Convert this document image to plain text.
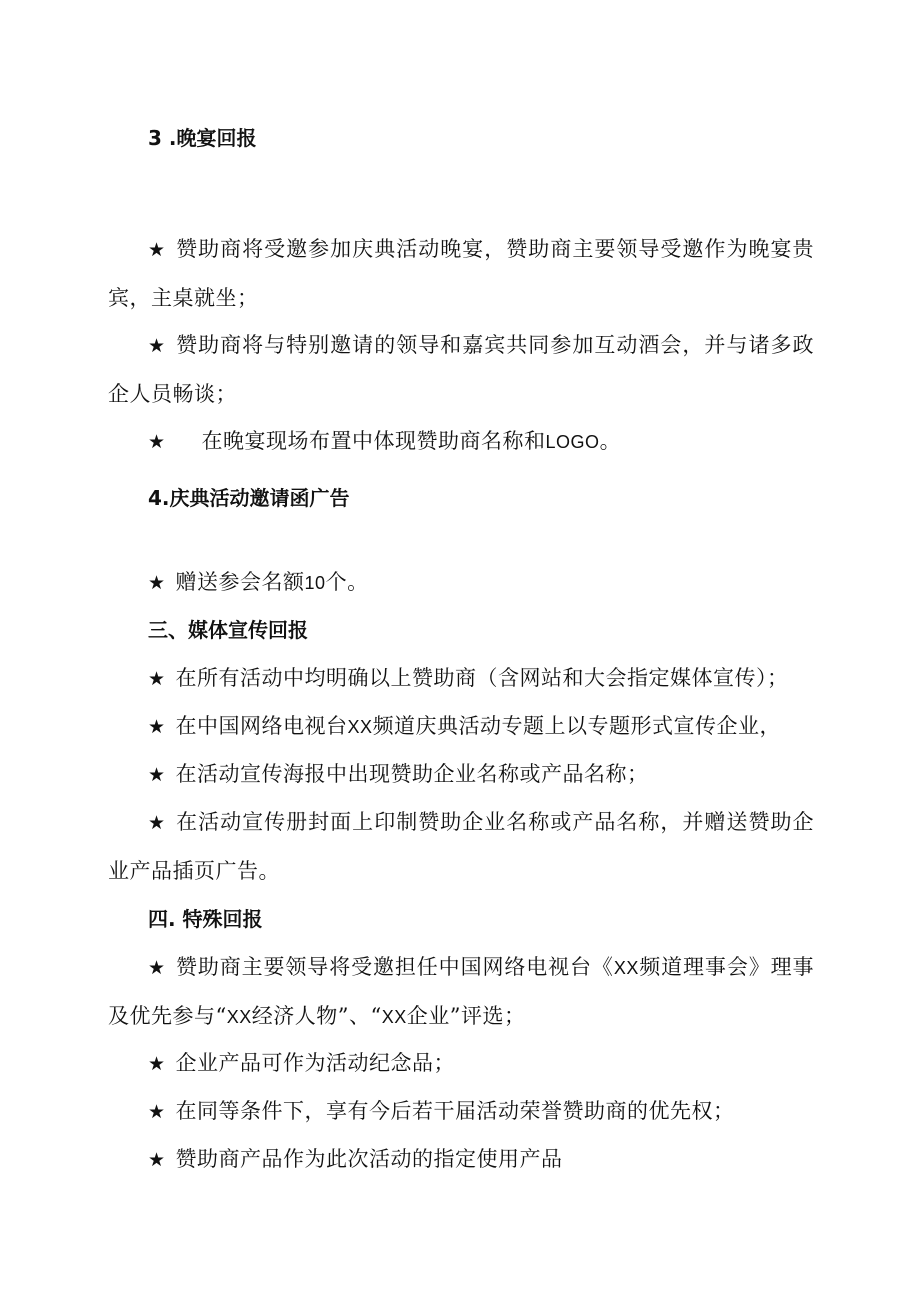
3 .晚宴回报
★ 赞助商将受邀参加庆典活动晚宴，赞助商主要领导受邀作为晚宴贵宾，主桌就坐；
★ 赞助商将与特别邀请的领导和嘉宾共同参加互动酒会，并与诸多政企人员畅谈；
★ 在晚宴现场布置中体现赞助商名称和LOGO。
4.庆典活动邀请函广告
★ 赠送参会名额10个。
三、媒体宣传回报
★ 在所有活动中均明确以上赞助商（含网站和大会指定媒体宣传）；
★ 在中国网络电视台XX频道庆典活动专题上以专题形式宣传企业，
★ 在活动宣传海报中出现赞助企业名称或产品名称；
★ 在活动宣传册封面上印制赞助企业名称或产品名称，并赠送赞助企业产品插页广告。
四. 特殊回报
★ 赞助商主要领导将受邀担任中国网络电视台《XX频道理事会》理事及优先参与“XX经济人物”、“XX企业”评选；
★ 企业产品可作为活动纪念品；
★ 在同等条件下，享有今后若干届活动荣誉赞助商的优先权；
★ 赞助商产品作为此次活动的指定使用产品
